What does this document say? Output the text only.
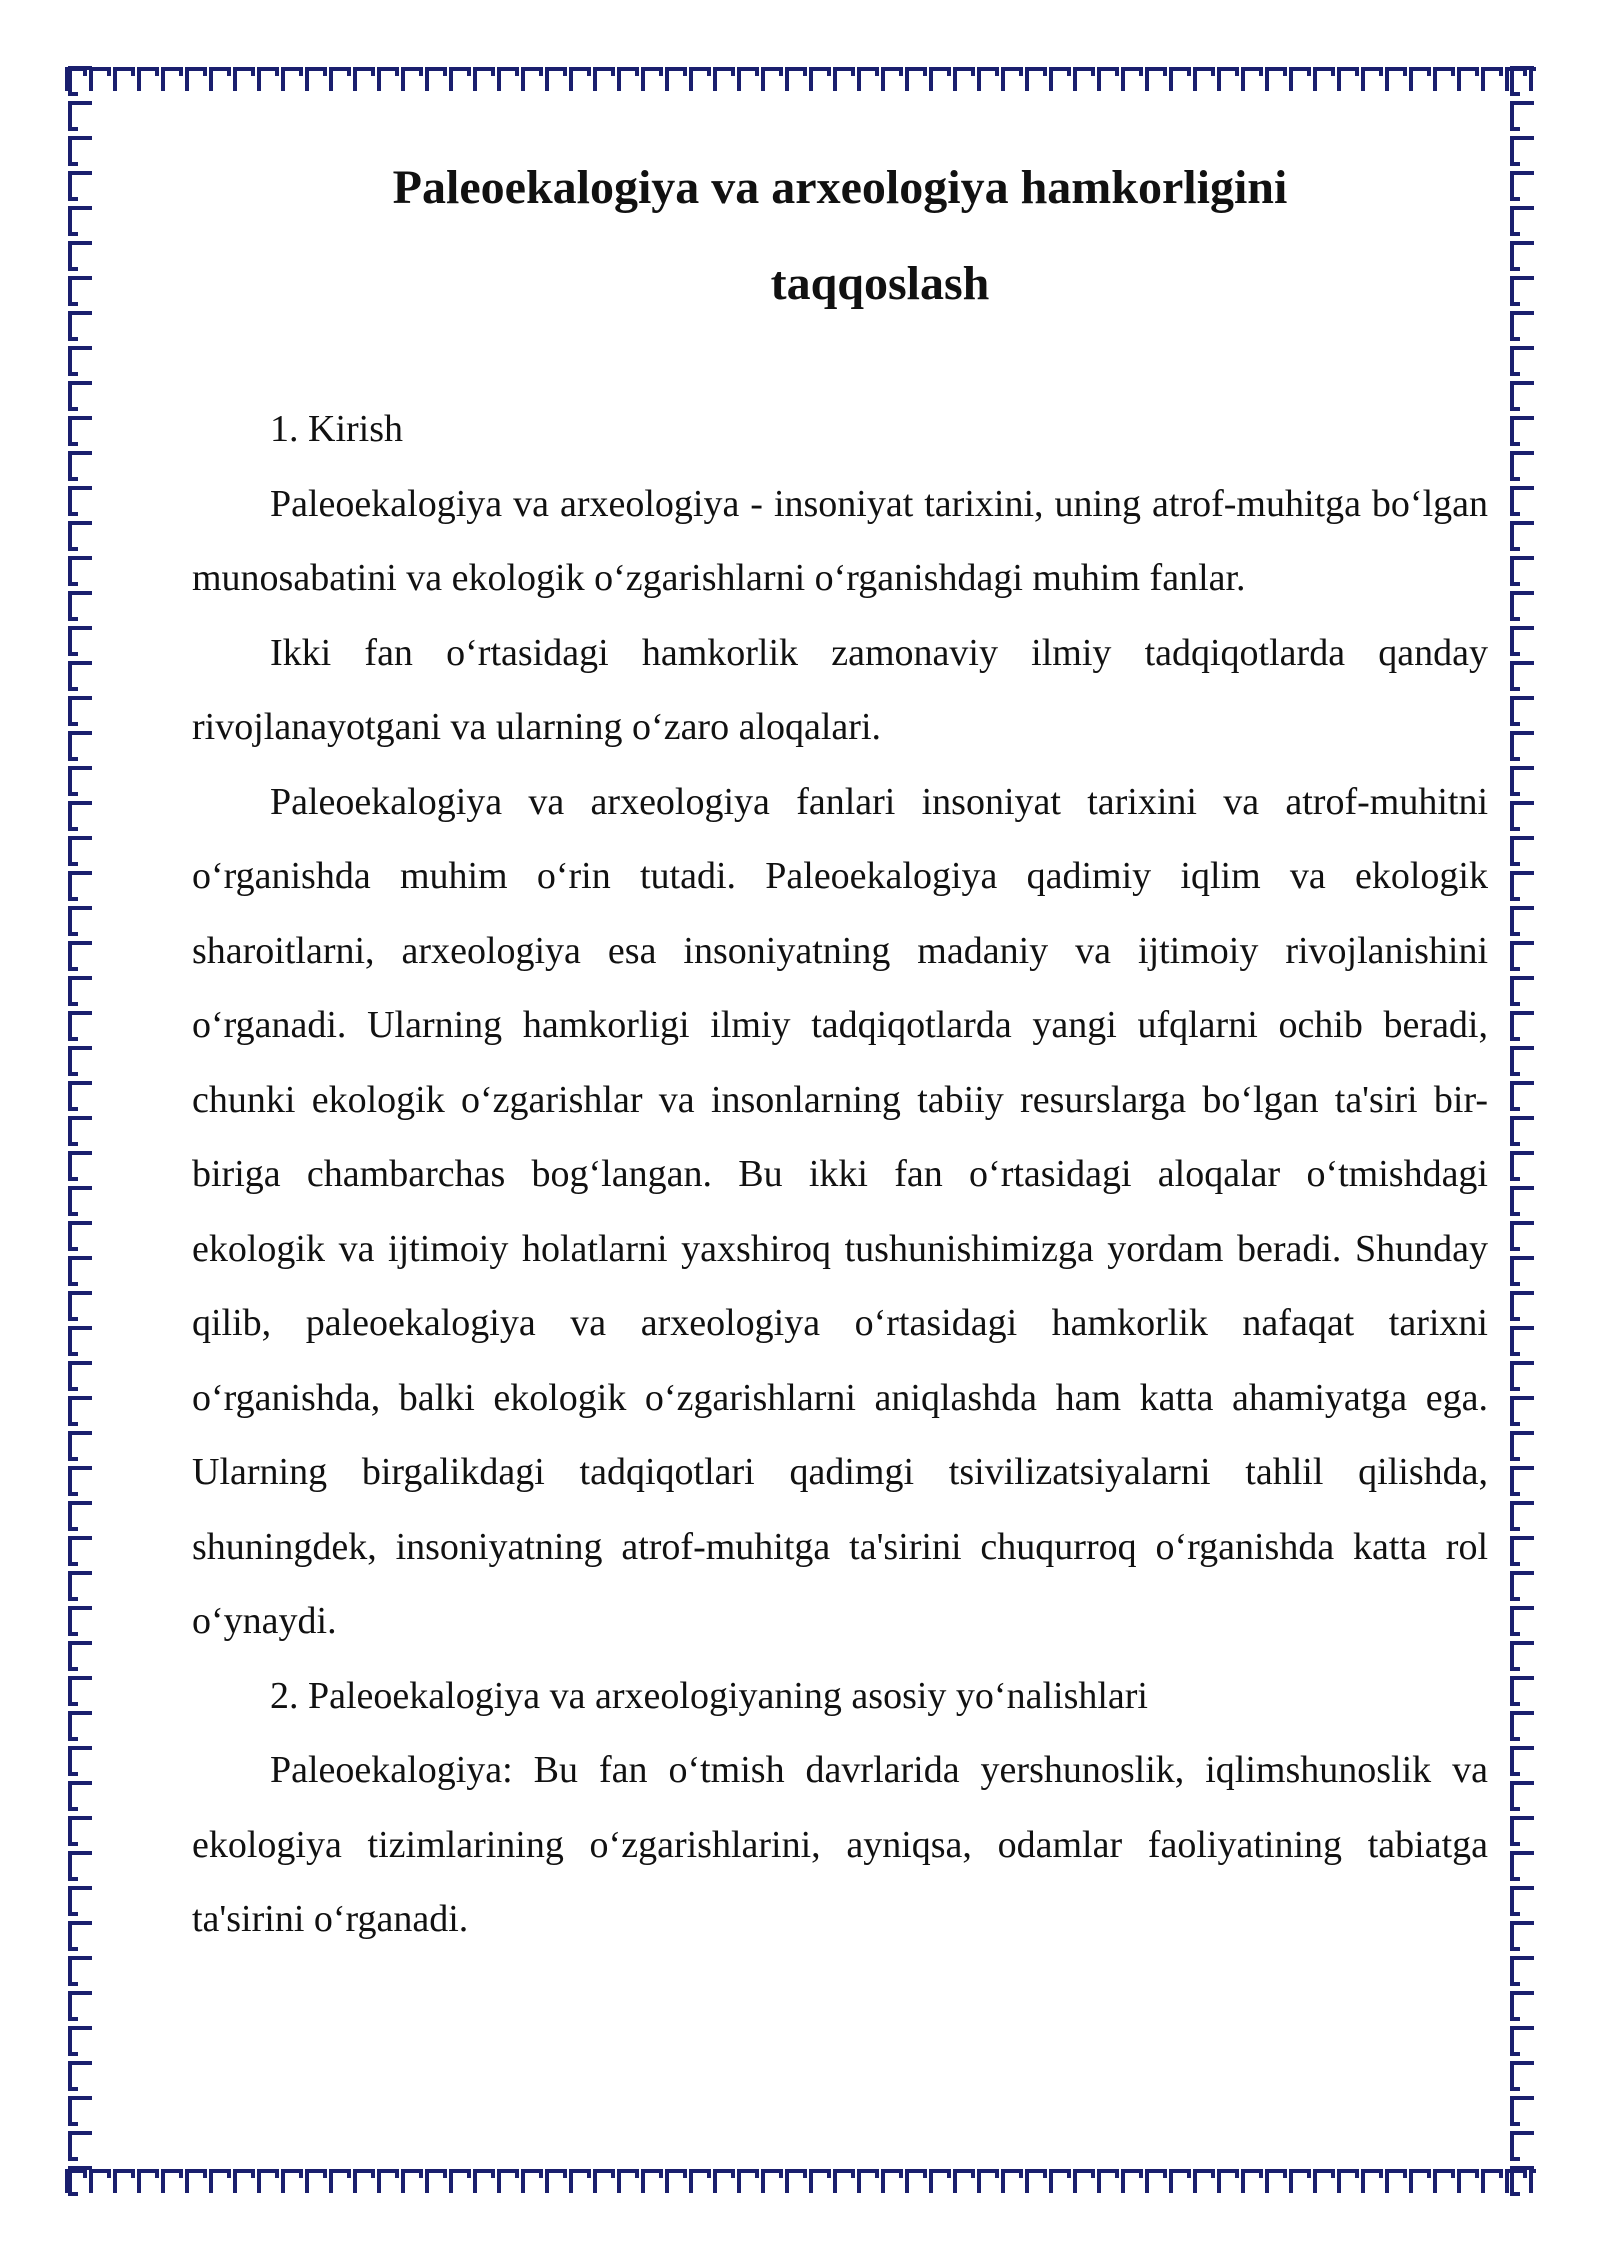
Paleoekalogiya va arxeologiya hamkorligini

taqqoslash

1. Kirish

Paleoekalogiya va arxeologiya - insoniyat tarixini, uning atrof-muhitga boʻlgan munosabatini va ekologik oʻzgarishlarni oʻrganishdagi muhim fanlar.

Ikki fan oʻrtasidagi hamkorlik zamonaviy ilmiy tadqiqotlarda qanday rivojlanayotgani va ularning oʻzaro aloqalari.

Paleoekalogiya va arxeologiya fanlari insoniyat tarixini va atrof-muhitni oʻrganishda muhim oʻrin tutadi. Paleoekalogiya qadimiy iqlim va ekologik sharoitlarni, arxeologiya esa insoniyatning madaniy va ijtimoiy rivojlanishini oʻrganadi. Ularning hamkorligi ilmiy tadqiqotlarda yangi ufqlarni ochib beradi, chunki ekologik oʻzgarishlar va insonlarning tabiiy resurslarga boʻlgan ta'siri bir-biriga chambarchas bogʻlangan. Bu ikki fan oʻrtasidagi aloqalar oʻtmishdagi ekologik va ijtimoiy holatlarni yaxshiroq tushunishimizga yordam beradi. Shunday qilib, paleoekalogiya va arxeologiya oʻrtasidagi hamkorlik nafaqat tarixni oʻrganishda, balki ekologik oʻzgarishlarni aniqlashda ham katta ahamiyatga ega. Ularning birgalikdagi tadqiqotlari qadimgi tsivilizatsiyalarni tahlil qilishda, shuningdek, insoniyatning atrof-muhitga ta'sirini chuqurroq oʻrganishda katta rol oʻynaydi.

2. Paleoekalogiya va arxeologiyaning asosiy yoʻnalishlari

Paleoekalogiya: Bu fan oʻtmish davrlarida yershunoslik, iqlimshunoslik va ekologiya tizimlarining oʻzgarishlarini, ayniqsa, odamlar faoliyatining tabiatga ta'sirini oʻrganadi.
